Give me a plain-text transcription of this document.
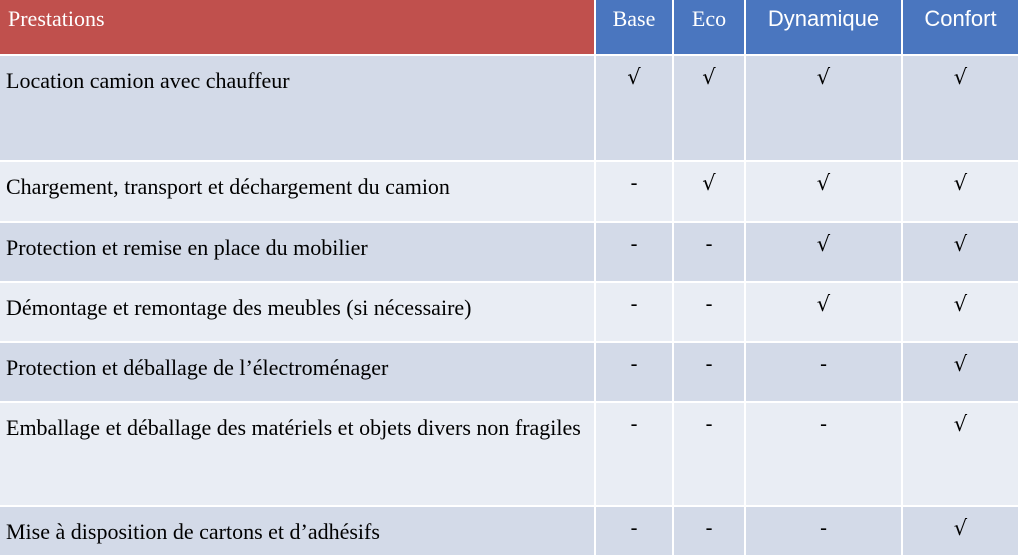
Prestations	Base	Eco	Dynamique	Confort
Location camion avec chauffeur	√	√	√	√
Chargement, transport et déchargement du camion	-	√	√	√
Protection et remise en place du mobilier	-	-	√	√
Démontage et remontage des meubles (si nécessaire)	-	-	√	√
Protection et déballage de l’électroménager	-	-	-	√
Emballage et déballage des matériels et objets divers non fragiles	-	-	-	√
Mise à disposition de cartons et d’adhésifs	-	-	-	√
